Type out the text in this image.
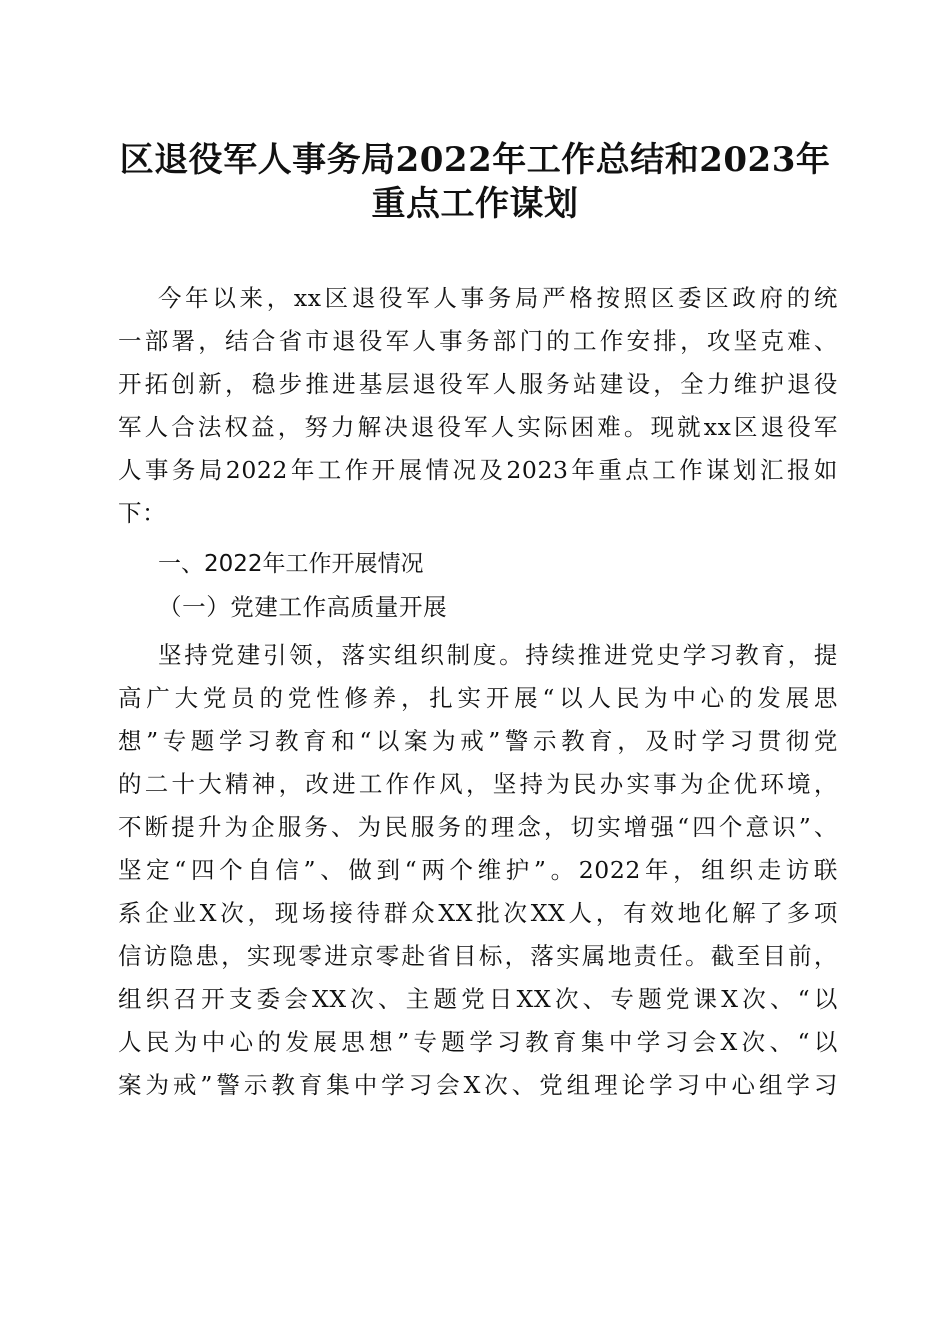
区退役军人事务局2022年工作总结和2023年
重点工作谋划
今年以来，xx区退役军人事务局严格按照区委区政府的统
一部署，结合省市退役军人事务部门的工作安排，攻坚克难、
开拓创新，稳步推进基层退役军人服务站建设，全力维护退役
军人合法权益，努力解决退役军人实际困难。现就xx区退役军
人事务局2022年工作开展情况及2023年重点工作谋划汇报如
下：
一、2022年工作开展情况
（一）党建工作高质量开展
坚持党建引领，落实组织制度。持续推进党史学习教育，提
高广大党员的党性修养，扎实开展“以人民为中心的发展思
想”专题学习教育和“以案为戒”警示教育，及时学习贯彻党
的二十大精神，改进工作作风，坚持为民办实事为企优环境，
不断提升为企服务、为民服务的理念，切实增强“四个意识”、
坚定“四个自信”、做到“两个维护”。2022年，组织走访联
系企业X次，现场接待群众XX批次XX人，有效地化解了多项
信访隐患，实现零进京零赴省目标，落实属地责任。截至目前，
组织召开支委会XX次、主题党日XX次、专题党课X次、“以
人民为中心的发展思想”专题学习教育集中学习会X次、“以
案为戒”警示教育集中学习会X次、党组理论学习中心组学习
